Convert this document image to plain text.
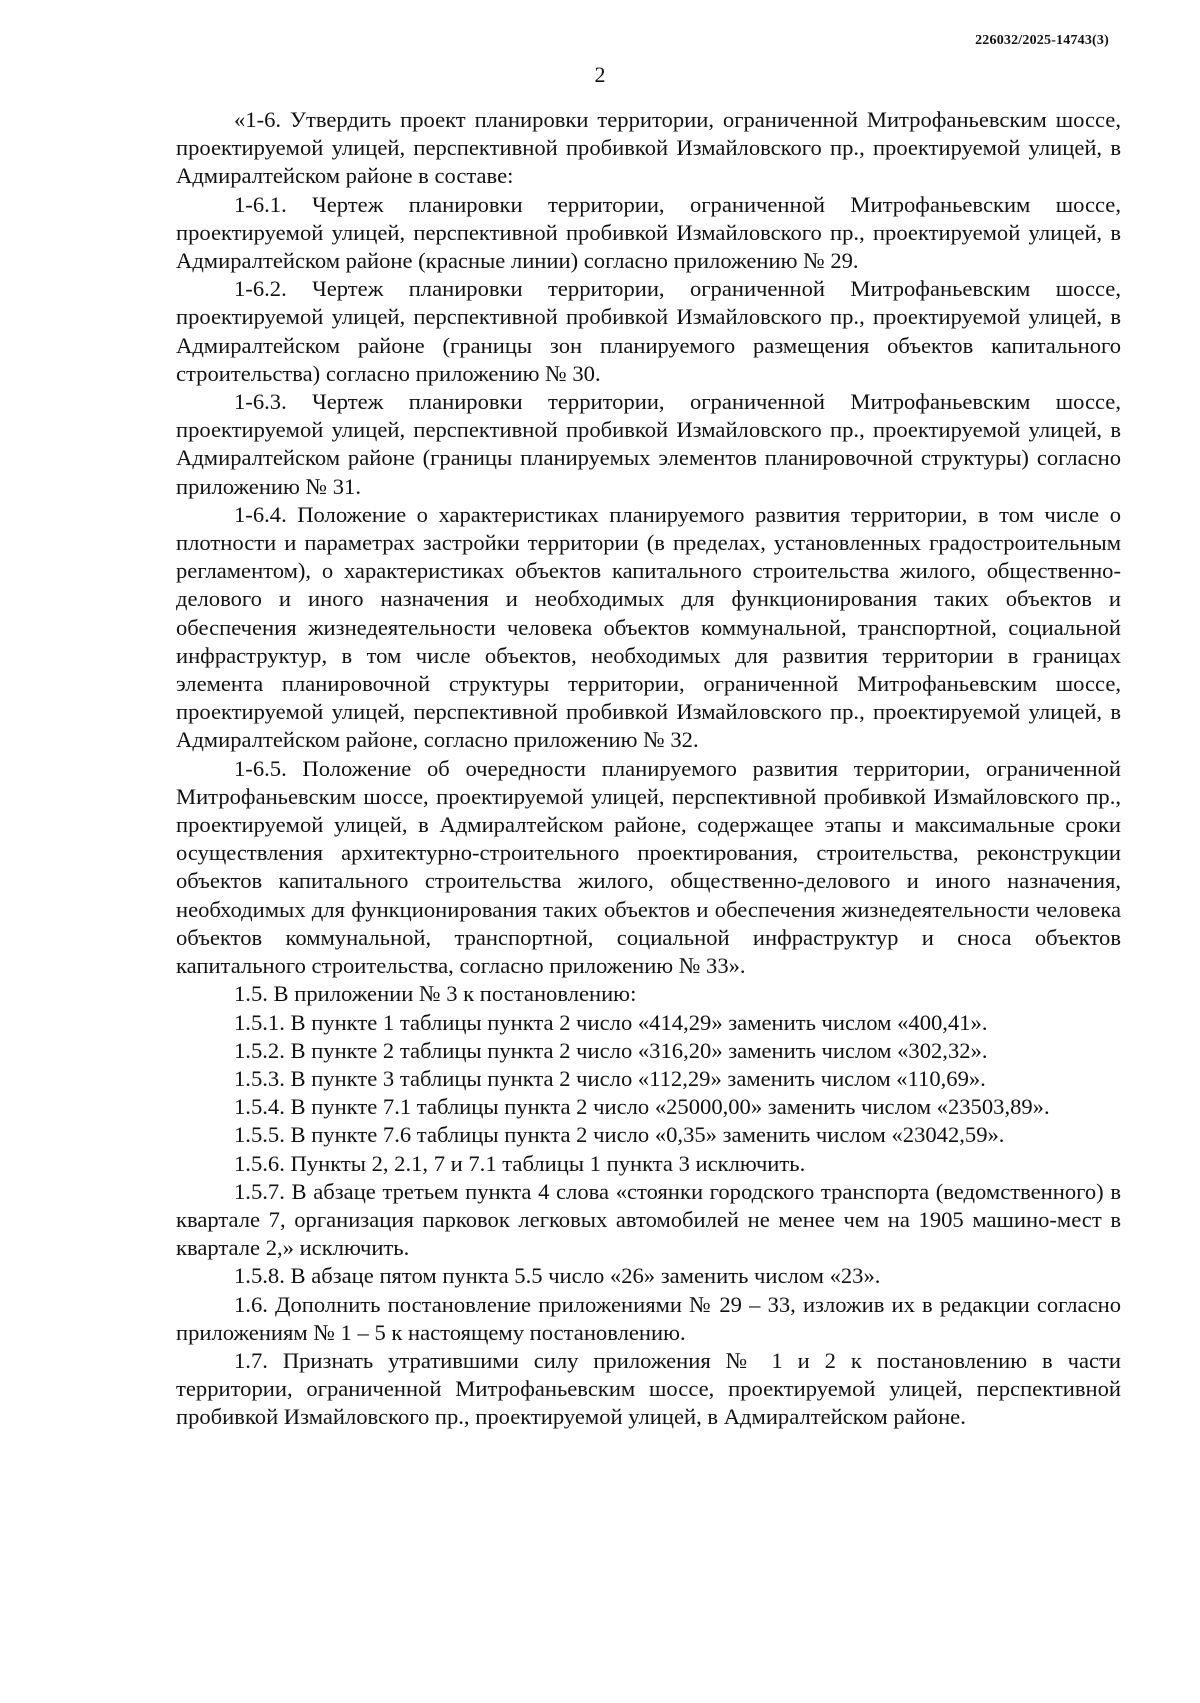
226032/2025-14743(3)
2

«1-6. Утвердить проект планировки территории, ограниченной Митрофаньевским шоссе, проектируемой улицей, перспективной пробивкой Измайловского пр., проектируемой улицей, в Адмиралтейском районе в составе:

1-6.1. Чертеж планировки территории, ограниченной Митрофаньевским шоссе, проектируемой улицей, перспективной пробивкой Измайловского пр., проектируемой улицей, в Адмиралтейском районе (красные линии) согласно приложению № 29.

1-6.2. Чертеж планировки территории, ограниченной Митрофаньевским шоссе, проектируемой улицей, перспективной пробивкой Измайловского пр., проектируемой улицей, в Адмиралтейском районе (границы зон планируемого размещения объектов капитального строительства) согласно приложению № 30.

1-6.3. Чертеж планировки территории, ограниченной Митрофаньевским шоссе, проектируемой улицей, перспективной пробивкой Измайловского пр., проектируемой улицей, в Адмиралтейском районе (границы планируемых элементов планировочной структуры) согласно приложению № 31.

1-6.4. Положение о характеристиках планируемого развития территории, в том числе о плотности и параметрах застройки территории (в пределах, установленных градостроительным регламентом), о характеристиках объектов капитального строительства жилого, общественно-делового и иного назначения и необходимых для функционирования таких объектов и обеспечения жизнедеятельности человека объектов коммунальной, транспортной, социальной инфраструктур, в том числе объектов, необходимых для развития территории в границах элемента планировочной структуры территории, ограниченной Митрофаньевским шоссе, проектируемой улицей, перспективной пробивкой Измайловского пр., проектируемой улицей, в Адмиралтейском районе, согласно приложению № 32.

1-6.5. Положение об очередности планируемого развития территории, ограниченной Митрофаньевским шоссе, проектируемой улицей, перспективной пробивкой Измайловского пр., проектируемой улицей, в Адмиралтейском районе, содержащее этапы и максимальные сроки осуществления архитектурно-строительного проектирования, строительства, реконструкции объектов капитального строительства жилого, общественно-делового и иного назначения, необходимых для функционирования таких объектов и обеспечения жизнедеятельности человека объектов коммунальной, транспортной, социальной инфраструктур и сноса объектов капитального строительства, согласно приложению № 33».

1.5. В приложении № 3 к постановлению:

1.5.1. В пункте 1 таблицы пункта 2 число «414,29» заменить числом «400,41».

1.5.2. В пункте 2 таблицы пункта 2 число «316,20» заменить числом «302,32».

1.5.3. В пункте 3 таблицы пункта 2 число «112,29» заменить числом «110,69».

1.5.4. В пункте 7.1 таблицы пункта 2 число «25000,00» заменить числом «23503,89».

1.5.5. В пункте 7.6 таблицы пункта 2 число «0,35» заменить числом «23042,59».

1.5.6. Пункты 2, 2.1, 7 и 7.1 таблицы 1 пункта 3 исключить.

1.5.7. В абзаце третьем пункта 4 слова «стоянки городского транспорта (ведомственного) в квартале 7, организация парковок легковых автомобилей не менее чем на 1905 машино-мест в квартале 2,» исключить.

1.5.8. В абзаце пятом пункта 5.5 число «26» заменить числом «23».

1.6. Дополнить постановление приложениями № 29 – 33, изложив их в редакции согласно приложениям № 1 – 5 к настоящему постановлению.

1.7. Признать утратившими силу приложения № 1 и 2 к постановлению в части территории, ограниченной Митрофаньевским шоссе, проектируемой улицей, перспективной пробивкой Измайловского пр., проектируемой улицей, в Адмиралтейском районе.
